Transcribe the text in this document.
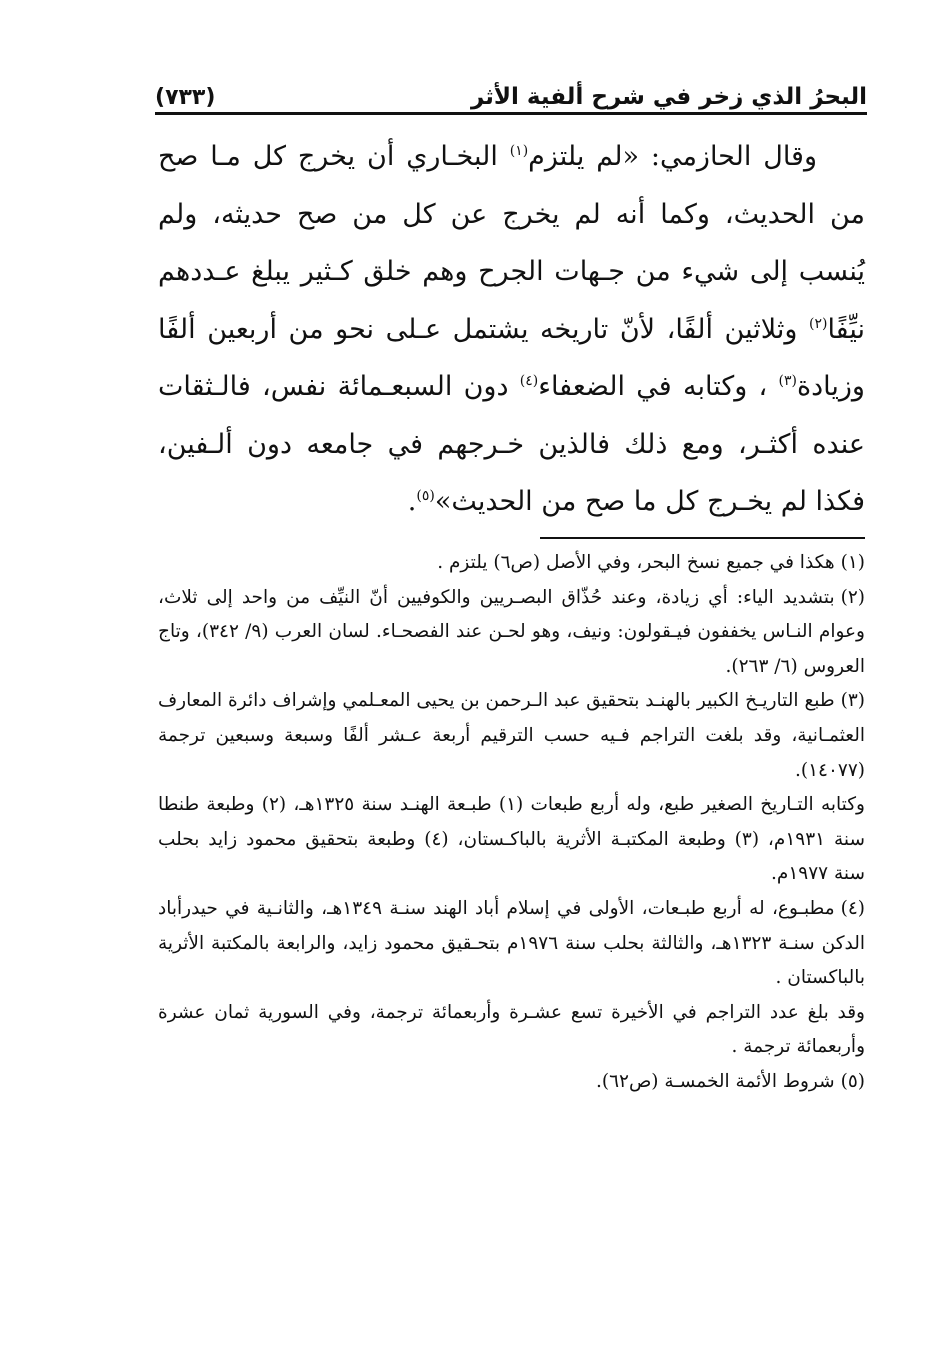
البحرُ الذي زخر في شرح ألفية الأثر
(٧٣٣)

وقال الحازمي: «لم يلتزم$^{(١)}$ البخـاري أن يخرج كل مـا صح من الحديث، وكما أنه لم يخرج عن كل من صح حديثه، ولم يُنسب إلى شيء من جـهات الجرح وهم خلق كـثير يبلغ عـددهم نيِّفًا$^{(٢)}$ وثلاثين ألفًا، لأنّ تاريخه يشتمل عـلى نحو من أربعين ألفًا وزيادة$^{(٣)}$ ، وكتابه في الضعفاء$^{(٤)}$ دون السبعـمائة نفس، فالـثقات عنده أكثـر، ومع ذلك فالذين خـرجهم في جامعه دون ألـفين، فكذا لم يخـرج كل ما صح من الحديث»$^{(٥)}$.

(١)هكذا في جميع نسخ البحر، وفي الأصل (ص٦) يلتزم .

(٢)بتشديد الياء: أي زيادة، وعند حُذّاق البصـريين والكوفيين أنّ النيِّف من واحد إلى ثلاث، وعوام النـاس يخففون فيـقولون: ونيف، وهو لحـن عند الفصحـاء. لسان العرب (٩/ ٣٤٢)، وتاج العروس (٦/ ٢٦٣).

(٣)طبع التاريـخ الكبير بالهنـد بتحقيق عبد الـرحمن بن يحيى المعـلمي وإشراف دائرة المعارف العثمـانية، وقد بلغت التراجم فـيه حسب الترقيم أربعة عـشر ألفًا وسبعة وسبعين ترجمة (١٤٠٧٧).

وكتابه التـاريخ الصغير طبع، وله أربع طبعات (١) طبـعة الهنـد سنة ١٣٢٥هـ، (٢) وطبعة طنطا سنة ١٩٣١م، (٣) وطبعة المكتبـة الأثرية بالباكـستان، (٤) وطبعة بتحقيق محمود زايد بحلب سنة ١٩٧٧م.

(٤)مطبـوع، له أربع طبـعات، الأولى في إسلام أباد الهند سنـة ١٣٤٩هـ، والثانـية في حيدرأباد الدكن سنـة ١٣٢٣هـ، والثالثة بحلب سنة ١٩٧٦م بتحـقيق محمود زايد، والرابعة بالمكتبة الأثرية بالباكستان .

وقد بلغ عدد التراجم في الأخيرة تسع عشـرة وأربعمائة ترجمة، وفي السورية ثمان عشرة وأربعمائة ترجمة .

(٥)شروط الأئمة الخمسـة (ص٦٢).
